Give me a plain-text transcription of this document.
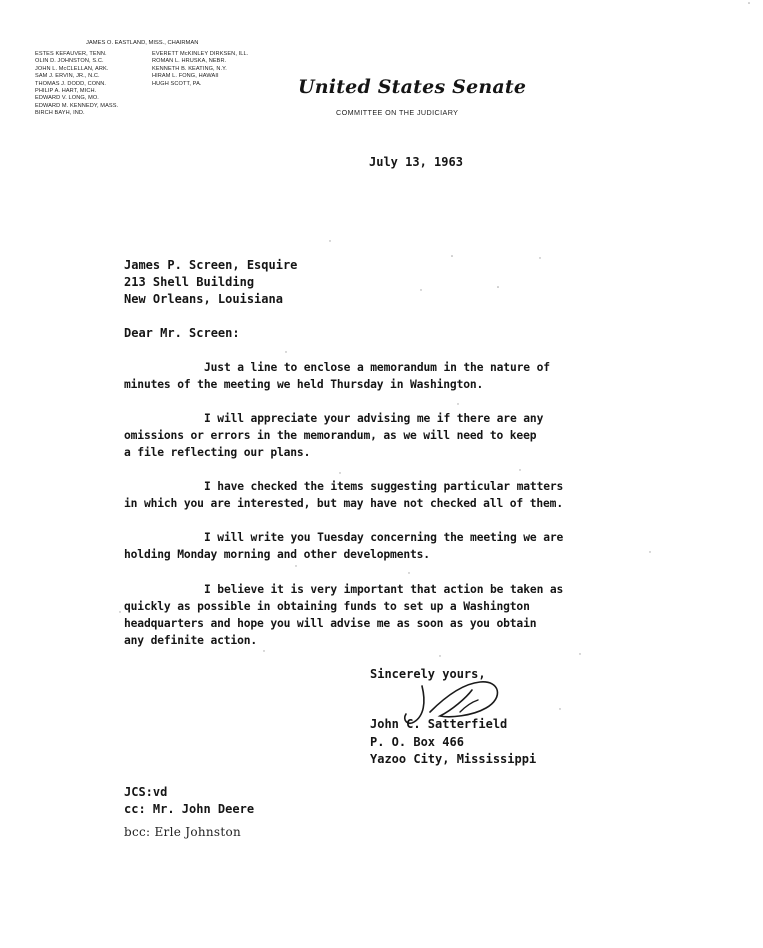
JAMES O. EASTLAND, MISS., CHAIRMAN
ESTES KEFAUVER, TENN.
OLIN D. JOHNSTON, S.C.
JOHN L. McCLELLAN, ARK.
SAM J. ERVIN, JR., N.C.
THOMAS J. DODD, CONN.
PHILIP A. HART, MICH.
EDWARD V. LONG, MO.
EDWARD M. KENNEDY, MASS.
BIRCH BAYH, IND.
EVERETT McKINLEY DIRKSEN, ILL.
ROMAN L. HRUSKA, NEBR.
KENNETH B. KEATING, N.Y.
HIRAM L. FONG, HAWAII
HUGH SCOTT, PA.	United States Senate
COMMITTEE ON THE JUDICIARY
July 13, 1963
James P. Screen, Esquire
213 Shell Building
New Orleans, Louisiana
Dear Mr. Screen:
Just a line to enclose a memorandum in the nature of
minutes of the meeting we held Thursday in Washington.
I will appreciate your advising me if there are any
omissions or errors in the memorandum, as we will need to keep
a file reflecting our plans.
I have checked the items suggesting particular matters
in which you are interested, but may have not checked all of them.
I will write you Tuesday concerning the meeting we are
holding Monday morning and other developments.
I believe it is very important that action be taken as
quickly as possible in obtaining funds to set up a Washington
headquarters and hope you will advise me as soon as you obtain
any definite action.
Sincerely yours,
John C. Satterfield
P. O. Box 466
Yazoo City, Mississippi
JCS:vd
cc: Mr. John Deere
bcc: Erle Johnston
